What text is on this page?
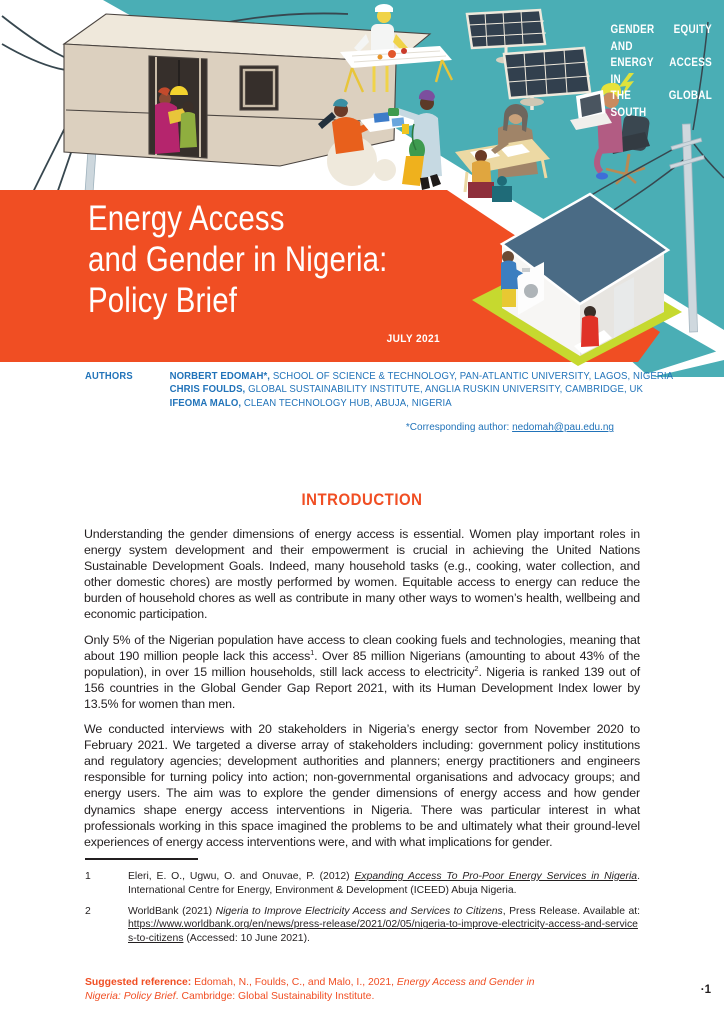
GENDER EQUITY AND
ENERGY ACCESS IN
THE GLOBAL SOUTH
Energy Access
and Gender in Nigeria:
Policy Brief
JULY 2021
AUTHORS	NORBERT EDOMAH*, SCHOOL OF SCIENCE & TECHNOLOGY, PAN-ATLANTIC UNIVERSITY, LAGOS, NIGERIA
CHRIS FOULDS, GLOBAL SUSTAINABILITY INSTITUTE, ANGLIA RUSKIN UNIVERSITY, CAMBRIDGE, UK
IFEOMA MALO, CLEAN TECHNOLOGY HUB, ABUJA, NIGERIA
*Corresponding author: nedomah@pau.edu.ng
INTRODUCTION

Understanding the gender dimensions of energy access is essential. Women play important roles in energy system development and their empowerment is crucial in achieving the United Nations Sustainable Development Goals. Indeed, many household tasks (e.g., cooking, water collection, and other domestic chores) are mostly performed by women. Equitable access to energy can reduce the burden of household chores as well as contribute in many other ways to women’s health, wellbeing and economic participation.

Only 5% of the Nigerian population have access to clean cooking fuels and technologies, meaning that about 190 million people lack this access$^1$. Over 85 million Nigerians (amounting to about 43% of the population), in over 15 million households, still lack access to electricity$^2$. Nigeria is ranked 139 out of 156 countries in the Global Gender Gap Report 2021, with its Human Development Index lower by 13.5% for women than men.

We conducted interviews with 20 stakeholders in Nigeria’s energy sector from November 2020 to February 2021. We targeted a diverse array of stakeholders including: government policy institutions and regulatory agencies; development authorities and planners; energy practitioners and engineers responsible for turning policy into action; non-governmental organisations and advocacy groups; and energy users. The aim was to explore the gender dimensions of energy access and how gender dynamics shape energy access interventions in Nigeria. There was particular interest in what professionals working in this space imagined the problems to be and ultimately what their ground-level experiences of energy access interventions were, and with what implications for gender.

1	Eleri, E. O., Ugwu, O. and Onuvae, P. (2012) Expanding Access To Pro-Poor Energy Services in Nigeria. International Centre for Energy, Environment & Development (ICEED) Abuja Nigeria.
2	WorldBank (2021) Nigeria to Improve Electricity Access and Services to Citizens, Press Release. Available at: https://www.worldbank.org/en/news/press-release/2021/02/05/nigeria-to-improve-electricity-access-and-services-to-citizens (Accessed: 10 June 2021).
Suggested reference: Edomah, N., Foulds, C., and Malo, I., 2021, Energy Access and Gender in Nigeria: Policy Brief. Cambridge: Global Sustainability Institute.
·1
